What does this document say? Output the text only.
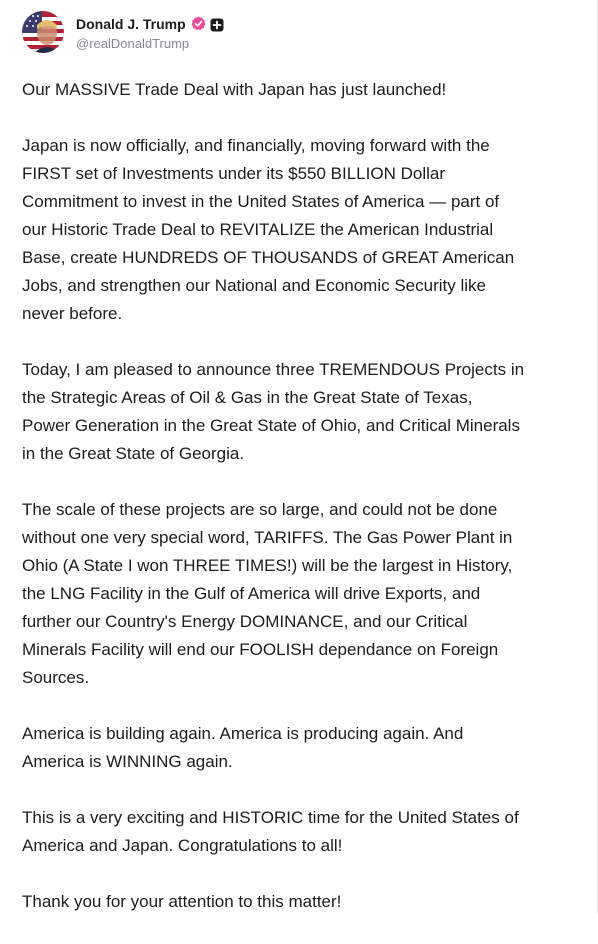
Donald J. Trump
@realDonaldTrump

Our MASSIVE Trade Deal with Japan has just launched!

Japan is now officially, and financially, moving forward with the
FIRST set of Investments under its $550 BILLION Dollar
Commitment to invest in the United States of America — part of
our Historic Trade Deal to REVITALIZE the American Industrial
Base, create HUNDREDS OF THOUSANDS of GREAT American
Jobs, and strengthen our National and Economic Security like
never before.

Today, I am pleased to announce three TREMENDOUS Projects in
the Strategic Areas of Oil & Gas in the Great State of Texas,
Power Generation in the Great State of Ohio, and Critical Minerals
in the Great State of Georgia.

The scale of these projects are so large, and could not be done
without one very special word, TARIFFS. The Gas Power Plant in
Ohio (A State I won THREE TIMES!) will be the largest in History,
the LNG Facility in the Gulf of America will drive Exports, and
further our Country's Energy DOMINANCE, and our Critical
Minerals Facility will end our FOOLISH dependance on Foreign
Sources.

America is building again. America is producing again. And
America is WINNING again.

This is a very exciting and HISTORIC time for the United States of
America and Japan. Congratulations to all!

Thank you for your attention to this matter!
